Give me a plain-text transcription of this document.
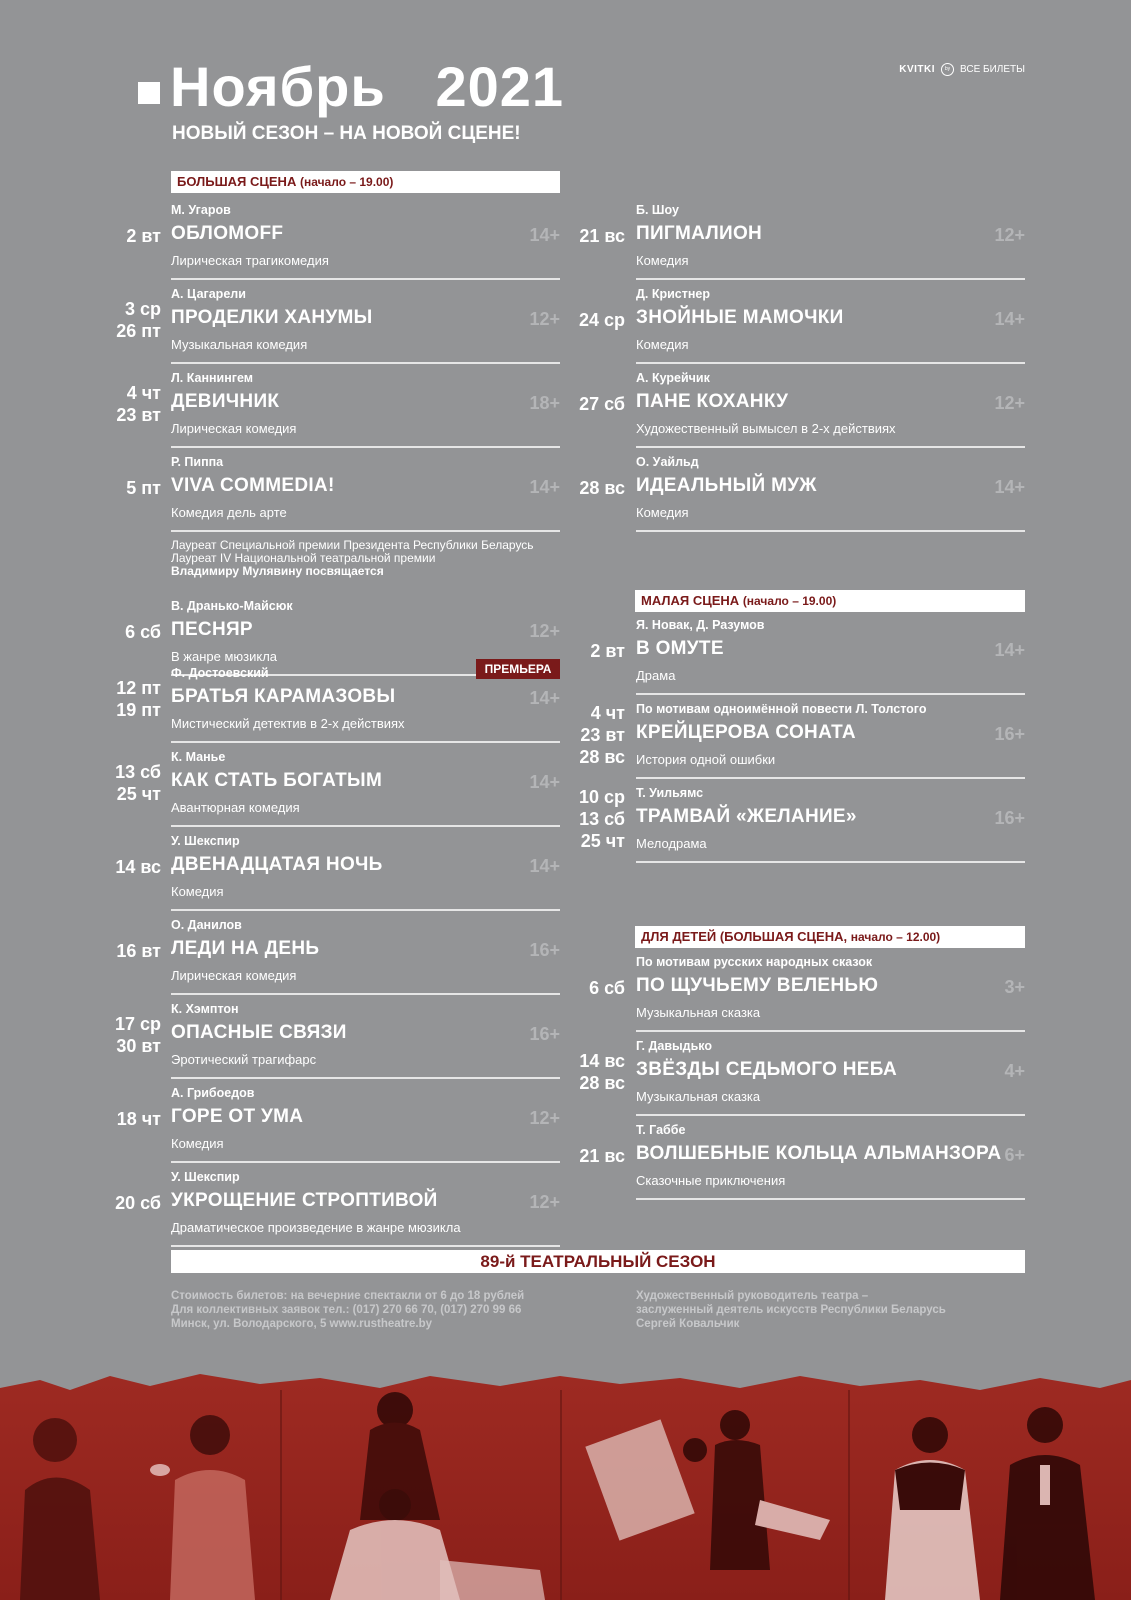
Ноябрь 2021
НОВЫЙ СЕЗОН – НА НОВОЙ СЦЕНЕ!
KVITKI	by ВСЕ БИЛЕТЫ
БОЛЬШАЯ СЦЕНА (начало – 19.00)
МАЛАЯ СЦЕНА (начало – 19.00)
ДЛЯ ДЕТЕЙ (БОЛЬШАЯ СЦЕНА, начало – 12.00)
М. Угаров
ОБЛОМOFF
Лирическая трагикомедия
14+
2 вт
А. Цагарели
ПРОДЕЛКИ ХАНУМЫ
Музыкальная комедия
12+
3 ср
26 пт
Л. Каннингем
ДЕВИЧНИК
Лирическая комедия
18+
4 чт
23 вт
Р. Пиппа
VIVA COMMEDIA!
Комедия дель арте
14+
5 пт
В. Дранько-Майсюк
ПЕСНЯР
В жанре мюзикла
12+
6 сб
Ф. Достоевский
БРАТЬЯ КАРАМАЗОВЫ
Мистический детектив в 2-х действиях
14+
12 пт
19 пт
К. Манье
КАК СТАТЬ БОГАТЫМ
Авантюрная комедия
14+
13 сб
25 чт
У. Шекспир
ДВЕНАДЦАТАЯ НОЧЬ
Комедия
14+
14 вс
О. Данилов
ЛЕДИ НА ДЕНЬ
Лирическая комедия
16+
16 вт
К. Хэмптон
ОПАСНЫЕ СВЯЗИ
Эротический трагифарс
16+
17 ср
30 вт
А. Грибоедов
ГОРЕ ОТ УМА
Комедия
12+
18 чт
У. Шекспир
УКРОЩЕНИЕ СТРОПТИВОЙ
Драматическое произведение в жанре мюзикла
12+
20 сб
Б. Шоу
ПИГМАЛИОН
Комедия
12+
21 вс
Д. Кристнер
ЗНОЙНЫЕ МАМОЧКИ
Комедия
14+
24 ср
А. Курейчик
ПАНЕ КОХАНКУ
Художественный вымысел в 2-х действиях
12+
27 сб
О. Уайльд
ИДЕАЛЬНЫЙ МУЖ
Комедия
14+
28 вс
Я. Новак, Д. Разумов
В ОМУТЕ
Драма
14+
2 вт
По мотивам одноимённой повести Л. Толстого
КРЕЙЦЕРОВА СОНАТА
История одной ошибки
16+
4 чт
23 вт
28 вс
Т. Уильямс
ТРАМВАЙ «ЖЕЛАНИЕ»
Мелодрама
16+
10 ср
13 сб
25 чт
По мотивам русских народных сказок
ПО ЩУЧЬЕМУ ВЕЛЕНЬЮ
Музыкальная сказка
3+
6 сб
Г. Давыдько
ЗВЁЗДЫ СЕДЬМОГО НЕБА
Музыкальная сказка
4+
14 вс
28 вс
Т. Габбе
ВОЛШЕБНЫЕ КОЛЬЦА АЛЬМАНЗОРА
Сказочные приключения
6+
21 вс
Лауреат Специальной премии Президента Республики Беларусь
Лауреат IV Национальной театральной премии
Владимиру Мулявину посвящается
ПРЕМЬЕРА
89-й ТЕАТРАЛЬНЫЙ СЕЗОН
Стоимость билетов: на вечерние спектакли от 6 до 18 рублей
Для коллективных заявок тел.: (017) 270 66 70, (017) 270 99 66
Минск, ул. Володарского, 5 www.rustheatre.by
Художественный руководитель театра –
заслуженный деятель искусств Республики Беларусь
Сергей Ковальчик
